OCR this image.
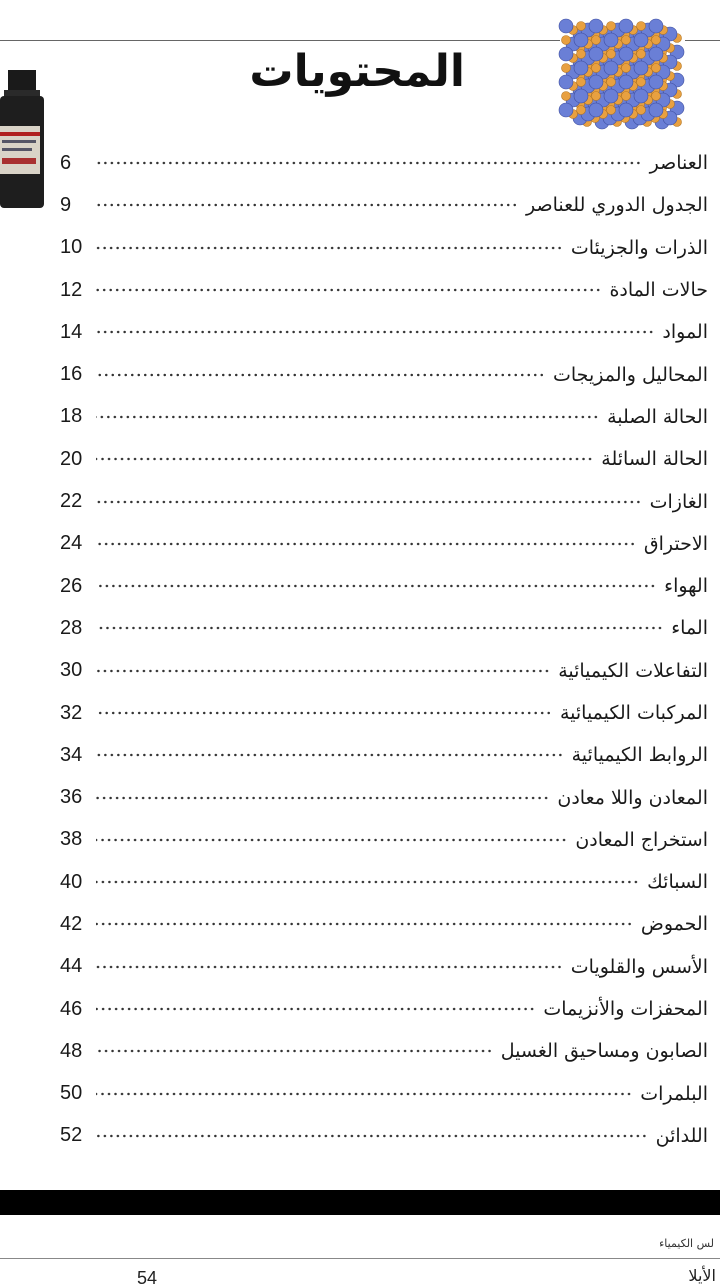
المحتويات
العناصر
6
الجدول الدوري للعناصر
9
الذرات والجزيئات
10
حالات المادة
12
المواد
14
المحاليل والمزيجات
16
الحالة الصلبة
18
الحالة السائلة
20
الغازات
22
الاحتراق
24
الهواء
26
الماء
28
التفاعلات الكيميائية
30
المركبات الكيميائية
32
الروابط الكيميائية
34
المعادن واللا معادن
36
استخراج المعادن
38
السبائك
40
الحموض
42
الأسس والقلويات
44
المحفزات والأنزيمات
46
الصابون ومساحيق الغسيل
48
البلمرات
50
اللدائن
52
لس الكيمياء
54	الأيلا
